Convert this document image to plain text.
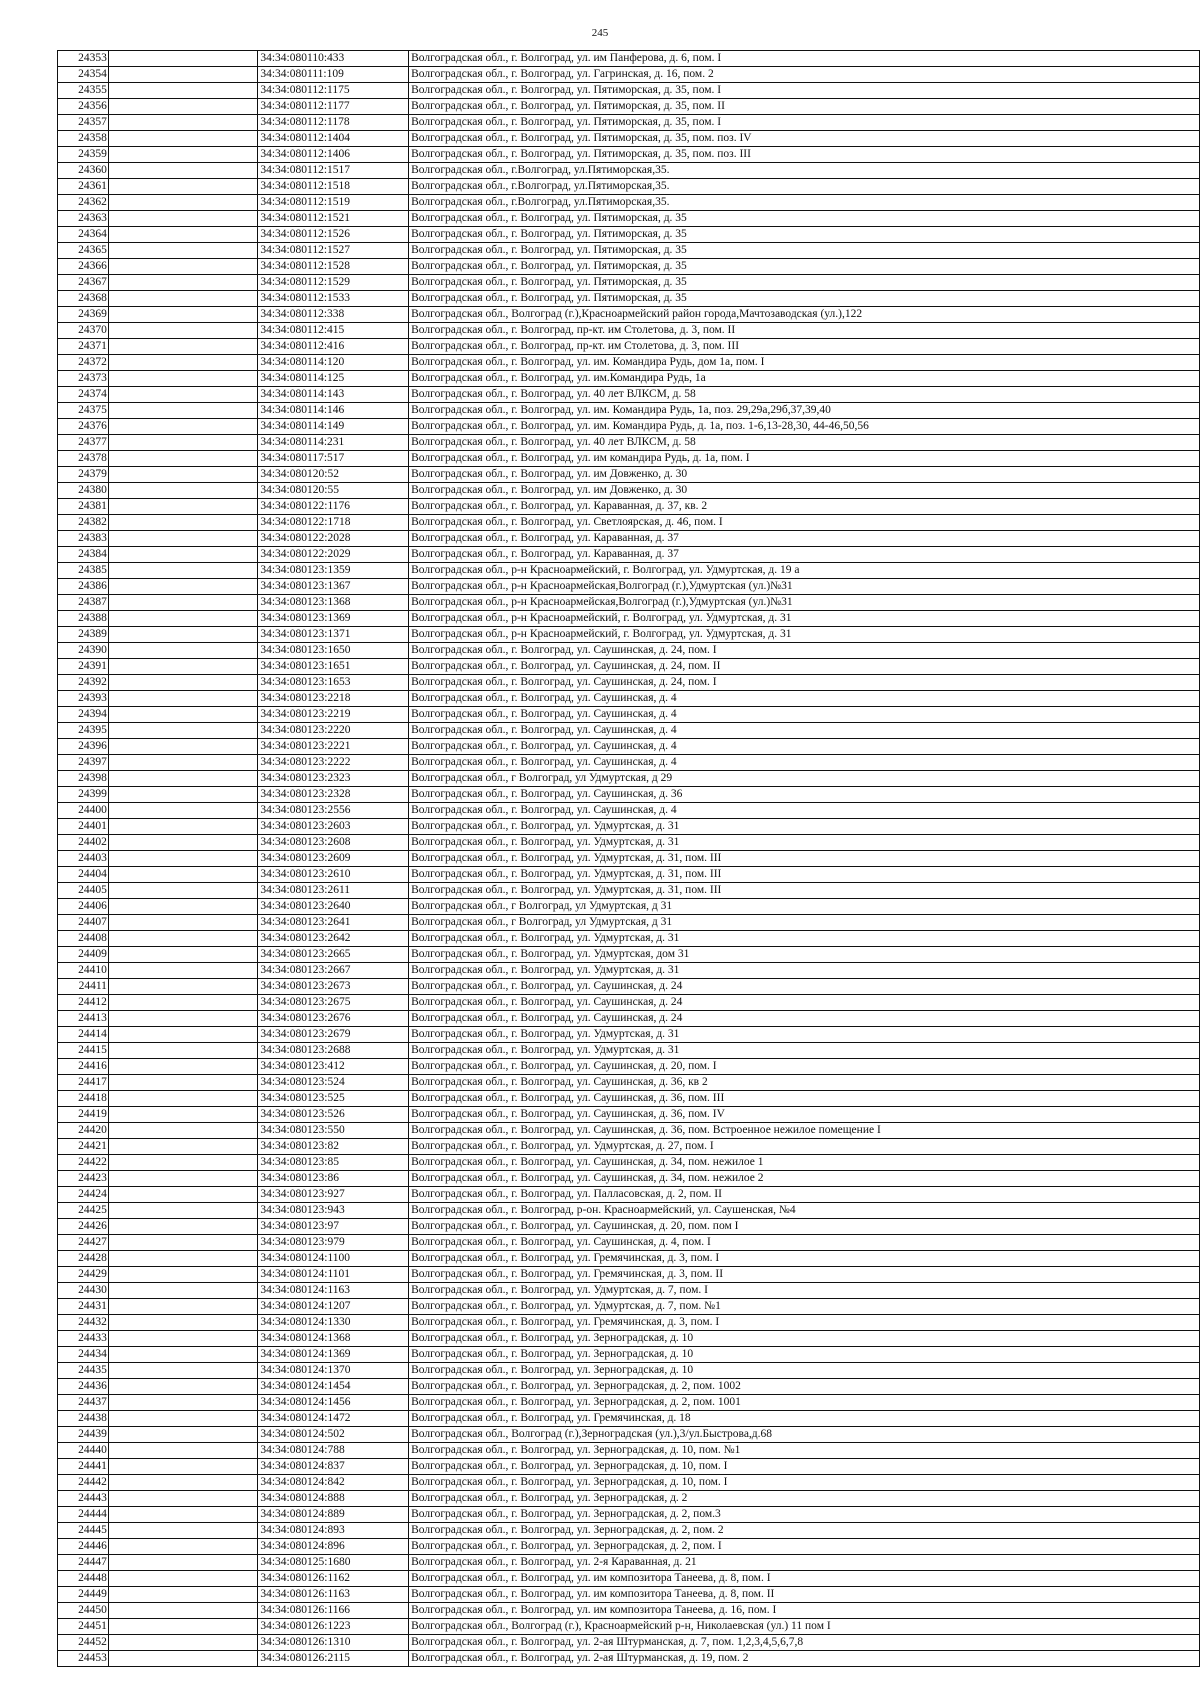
245
24353		34:34:080110:433	Волгоградская обл., г. Волгоград, ул. им Панферова, д. 6, пом. I
24354		34:34:080111:109	Волгоградская обл., г. Волгоград, ул. Гагринская, д. 16, пом. 2
24355		34:34:080112:1175	Волгоградская обл., г. Волгоград, ул. Пятиморская, д. 35, пом. I
24356		34:34:080112:1177	Волгоградская обл., г. Волгоград, ул. Пятиморская, д. 35, пом. II
24357		34:34:080112:1178	Волгоградская обл., г. Волгоград, ул. Пятиморская, д. 35, пом. I
24358		34:34:080112:1404	Волгоградская обл., г. Волгоград, ул. Пятиморская, д. 35, пом. поз. IV
24359		34:34:080112:1406	Волгоградская обл., г. Волгоград, ул. Пятиморская, д. 35, пом. поз. III
24360		34:34:080112:1517	Волгоградская обл., г.Волгоград, ул.Пятиморская,35.
24361		34:34:080112:1518	Волгоградская обл., г.Волгоград, ул.Пятиморская,35.
24362		34:34:080112:1519	Волгоградская обл., г.Волгоград, ул.Пятиморская,35.
24363		34:34:080112:1521	Волгоградская обл., г. Волгоград, ул. Пятиморская, д. 35
24364		34:34:080112:1526	Волгоградская обл., г. Волгоград, ул. Пятиморская, д. 35
24365		34:34:080112:1527	Волгоградская обл., г. Волгоград, ул. Пятиморская, д. 35
24366		34:34:080112:1528	Волгоградская обл., г. Волгоград, ул. Пятиморская, д. 35
24367		34:34:080112:1529	Волгоградская обл., г. Волгоград, ул. Пятиморская, д. 35
24368		34:34:080112:1533	Волгоградская обл., г. Волгоград, ул. Пятиморская, д. 35
24369		34:34:080112:338	Волгоградская обл., Волгоград (г.),Красноармейский район города,Мачтозаводская (ул.),122
24370		34:34:080112:415	Волгоградская обл., г. Волгоград, пр-кт. им Столетова, д. 3, пом. II
24371		34:34:080112:416	Волгоградская обл., г. Волгоград, пр-кт. им Столетова, д. 3, пом. III
24372		34:34:080114:120	Волгоградская обл., г. Волгоград, ул. им. Командира Рудь, дом 1а, пом. I
24373		34:34:080114:125	Волгоградская обл., г. Волгоград, ул. им.Командира Рудь, 1а
24374		34:34:080114:143	Волгоградская обл., г. Волгоград, ул. 40 лет ВЛКСМ, д. 58
24375		34:34:080114:146	Волгоградская обл., г. Волгоград, ул. им. Командира Рудь, 1а, поз. 29,29а,29б,37,39,40
24376		34:34:080114:149	Волгоградская обл., г. Волгоград, ул. им. Командира Рудь, д. 1а, поз. 1-6,13-28,30, 44-46,50,56
24377		34:34:080114:231	Волгоградская обл., г. Волгоград, ул. 40 лет ВЛКСМ, д. 58
24378		34:34:080117:517	Волгоградская обл., г. Волгоград, ул. им командира Рудь, д. 1а, пом. I
24379		34:34:080120:52	Волгоградская обл., г. Волгоград, ул. им Довженко, д. 30
24380		34:34:080120:55	Волгоградская обл., г. Волгоград, ул. им Довженко, д. 30
24381		34:34:080122:1176	Волгоградская обл., г. Волгоград, ул. Караванная, д. 37, кв. 2
24382		34:34:080122:1718	Волгоградская обл., г. Волгоград, ул. Светлоярская, д. 46, пом. I
24383		34:34:080122:2028	Волгоградская обл., г. Волгоград, ул. Караванная, д. 37
24384		34:34:080122:2029	Волгоградская обл., г. Волгоград, ул. Караванная, д. 37
24385		34:34:080123:1359	Волгоградская обл., р-н Красноармейский, г. Волгоград, ул. Удмуртская, д. 19 а
24386		34:34:080123:1367	Волгоградская обл., р-н Красноармейская,Волгоград (г.),Удмуртская (ул.)№31
24387		34:34:080123:1368	Волгоградская обл., р-н Красноармейская,Волгоград (г.),Удмуртская (ул.)№31
24388		34:34:080123:1369	Волгоградская обл., р-н Красноармейский, г. Волгоград, ул. Удмуртская, д. 31
24389		34:34:080123:1371	Волгоградская обл., р-н Красноармейский, г. Волгоград, ул. Удмуртская, д. 31
24390		34:34:080123:1650	Волгоградская обл., г. Волгоград, ул. Саушинская, д. 24, пом. I
24391		34:34:080123:1651	Волгоградская обл., г. Волгоград, ул. Саушинская, д. 24, пом. II
24392		34:34:080123:1653	Волгоградская обл., г. Волгоград, ул. Саушинская, д. 24, пом. I
24393		34:34:080123:2218	Волгоградская обл., г. Волгоград, ул. Саушинская, д. 4
24394		34:34:080123:2219	Волгоградская обл., г. Волгоград, ул. Саушинская, д. 4
24395		34:34:080123:2220	Волгоградская обл., г. Волгоград, ул. Саушинская, д. 4
24396		34:34:080123:2221	Волгоградская обл., г. Волгоград, ул. Саушинская, д. 4
24397		34:34:080123:2222	Волгоградская обл., г. Волгоград, ул. Саушинская, д. 4
24398		34:34:080123:2323	Волгоградская обл., г Волгоград, ул Удмуртская, д 29
24399		34:34:080123:2328	Волгоградская обл., г. Волгоград, ул. Саушинская, д. 36
24400		34:34:080123:2556	Волгоградская обл., г. Волгоград, ул. Саушинская, д. 4
24401		34:34:080123:2603	Волгоградская обл., г. Волгоград, ул. Удмуртская, д. 31
24402		34:34:080123:2608	Волгоградская обл., г. Волгоград, ул. Удмуртская, д. 31
24403		34:34:080123:2609	Волгоградская обл., г. Волгоград, ул. Удмуртская, д. 31, пом. III
24404		34:34:080123:2610	Волгоградская обл., г. Волгоград, ул. Удмуртская, д. 31, пом. III
24405		34:34:080123:2611	Волгоградская обл., г. Волгоград, ул. Удмуртская, д. 31, пом. III
24406		34:34:080123:2640	Волгоградская обл., г Волгоград, ул Удмуртская, д 31
24407		34:34:080123:2641	Волгоградская обл., г Волгоград, ул Удмуртская, д 31
24408		34:34:080123:2642	Волгоградская обл., г. Волгоград, ул. Удмуртская, д. 31
24409		34:34:080123:2665	Волгоградская обл., г. Волгоград, ул. Удмуртская, дом 31
24410		34:34:080123:2667	Волгоградская обл., г. Волгоград, ул. Удмуртская, д. 31
24411		34:34:080123:2673	Волгоградская обл., г. Волгоград, ул. Саушинская, д. 24
24412		34:34:080123:2675	Волгоградская обл., г. Волгоград, ул. Саушинская, д. 24
24413		34:34:080123:2676	Волгоградская обл., г. Волгоград, ул. Саушинская, д. 24
24414		34:34:080123:2679	Волгоградская обл., г. Волгоград, ул. Удмуртская, д. 31
24415		34:34:080123:2688	Волгоградская обл., г. Волгоград, ул. Удмуртская, д. 31
24416		34:34:080123:412	Волгоградская обл., г. Волгоград, ул. Саушинская, д. 20, пом. I
24417		34:34:080123:524	Волгоградская обл., г. Волгоград, ул. Саушинская, д. 36, кв 2
24418		34:34:080123:525	Волгоградская обл., г. Волгоград, ул. Саушинская, д. 36, пом. III
24419		34:34:080123:526	Волгоградская обл., г. Волгоград, ул. Саушинская, д. 36, пом. IV
24420		34:34:080123:550	Волгоградская обл., г. Волгоград, ул. Саушинская, д. 36, пом. Встроенное нежилое помещение I
24421		34:34:080123:82	Волгоградская обл., г. Волгоград, ул. Удмуртская, д. 27, пом. I
24422		34:34:080123:85	Волгоградская обл., г. Волгоград, ул. Саушинская, д. 34, пом. нежилое 1
24423		34:34:080123:86	Волгоградская обл., г. Волгоград, ул. Саушинская, д. 34, пом. нежилое 2
24424		34:34:080123:927	Волгоградская обл., г. Волгоград, ул. Палласовская, д. 2, пом. II
24425		34:34:080123:943	Волгоградская обл., г. Волгоград, р-он. Красноармейский, ул. Саушенская, №4
24426		34:34:080123:97	Волгоградская обл., г. Волгоград, ул. Саушинская, д. 20, пом. пом I
24427		34:34:080123:979	Волгоградская обл., г. Волгоград, ул. Саушинская, д. 4, пом. I
24428		34:34:080124:1100	Волгоградская обл., г. Волгоград, ул. Гремячинская, д. 3, пом. I
24429		34:34:080124:1101	Волгоградская обл., г. Волгоград, ул. Гремячинская, д. 3, пом. II
24430		34:34:080124:1163	Волгоградская обл., г. Волгоград, ул. Удмуртская, д. 7, пом. I
24431		34:34:080124:1207	Волгоградская обл., г. Волгоград, ул. Удмуртская, д. 7, пом. №1
24432		34:34:080124:1330	Волгоградская обл., г. Волгоград, ул. Гремячинская, д. 3, пом. I
24433		34:34:080124:1368	Волгоградская обл., г. Волгоград, ул. Зерноградская, д. 10
24434		34:34:080124:1369	Волгоградская обл., г. Волгоград, ул. Зерноградская, д. 10
24435		34:34:080124:1370	Волгоградская обл., г. Волгоград, ул. Зерноградская, д. 10
24436		34:34:080124:1454	Волгоградская обл., г. Волгоград, ул. Зерноградская, д. 2, пом. 1002
24437		34:34:080124:1456	Волгоградская обл., г. Волгоград, ул. Зерноградская, д. 2, пом. 1001
24438		34:34:080124:1472	Волгоградская обл., г. Волгоград, ул. Гремячинская, д. 18
24439		34:34:080124:502	Волгоградская обл., Волгоград (г.),Зерноградская (ул.),3/ул.Быстрова,д.68
24440		34:34:080124:788	Волгоградская обл., г. Волгоград, ул. Зерноградская, д. 10, пом. №1
24441		34:34:080124:837	Волгоградская обл., г. Волгоград, ул. Зерноградская, д. 10, пом. I
24442		34:34:080124:842	Волгоградская обл., г. Волгоград, ул. Зерноградская, д. 10, пом. I
24443		34:34:080124:888	Волгоградская обл., г. Волгоград, ул. Зерноградская, д. 2
24444		34:34:080124:889	Волгоградская обл., г. Волгоград, ул. Зерноградская, д. 2, пом.3
24445		34:34:080124:893	Волгоградская обл., г. Волгоград, ул. Зерноградская, д. 2, пом. 2
24446		34:34:080124:896	Волгоградская обл., г. Волгоград, ул. Зерноградская, д. 2, пом. I
24447		34:34:080125:1680	Волгоградская обл., г. Волгоград, ул. 2-я Караванная, д. 21
24448		34:34:080126:1162	Волгоградская обл., г. Волгоград, ул. им композитора Танеева, д. 8, пом. I
24449		34:34:080126:1163	Волгоградская обл., г. Волгоград, ул. им композитора Танеева, д. 8, пом. II
24450		34:34:080126:1166	Волгоградская обл., г. Волгоград, ул. им композитора Танеева, д. 16, пом. I
24451		34:34:080126:1223	Волгоградская обл., Волгоград (г.), Красноармейский р-н, Николаевская (ул.) 11 пом I
24452		34:34:080126:1310	Волгоградская обл., г. Волгоград, ул. 2-ая Штурманская, д. 7, пом. 1,2,3,4,5,6,7,8
24453		34:34:080126:2115	Волгоградская обл., г. Волгоград, ул. 2-ая Штурманская, д. 19, пом. 2
